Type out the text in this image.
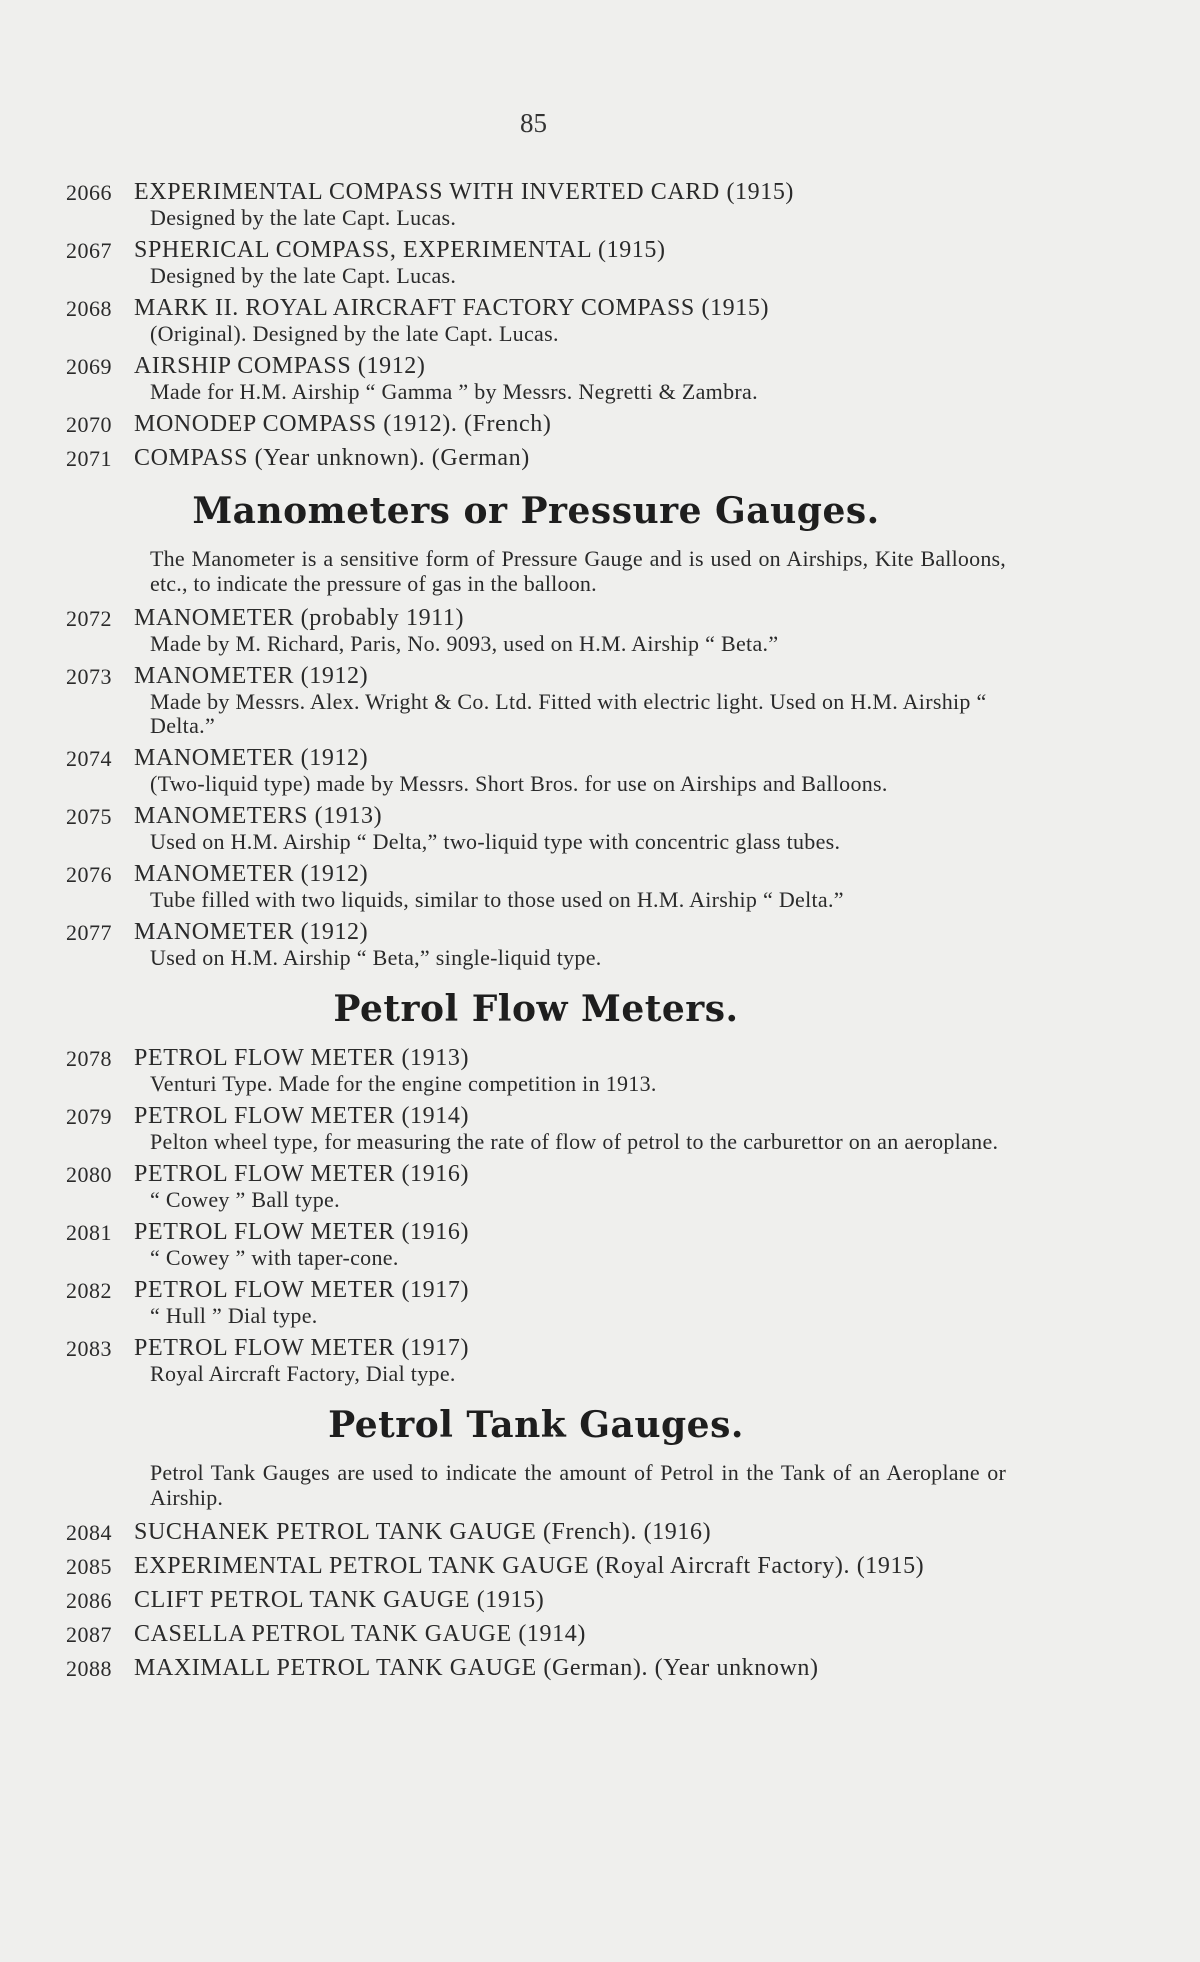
85
2066 EXPERIMENTAL COMPASS WITH INVERTED CARD (1915)
Designed by the late Capt. Lucas.
2067 SPHERICAL COMPASS, EXPERIMENTAL (1915)
Designed by the late Capt. Lucas.
2068 MARK II. ROYAL AIRCRAFT FACTORY COMPASS (1915)
(Original). Designed by the late Capt. Lucas.
2069 AIRSHIP COMPASS (1912)
Made for H.M. Airship “ Gamma ” by Messrs. Negretti & Zambra.
2070 MONODEP COMPASS (1912). (French)
2071 COMPASS (Year unknown). (German)
Manometers or Pressure Gauges.
The Manometer is a sensitive form of Pressure Gauge and is used on Airships, Kite Balloons, etc., to indicate the pressure of gas in the balloon.
2072 MANOMETER (probably 1911)
Made by M. Richard, Paris, No. 9093, used on H.M. Airship “ Beta.”
2073 MANOMETER (1912)
Made by Messrs. Alex. Wright & Co. Ltd. Fitted with electric light. Used on H.M. Airship “ Delta.”
2074 MANOMETER (1912)
(Two-liquid type) made by Messrs. Short Bros. for use on Airships and Balloons.
2075 MANOMETERS (1913)
Used on H.M. Airship “ Delta,” two-liquid type with concentric glass tubes.
2076 MANOMETER (1912)
Tube filled with two liquids, similar to those used on H.M. Airship “ Delta.”
2077 MANOMETER (1912)
Used on H.M. Airship “ Beta,” single-liquid type.
Petrol Flow Meters.
2078 PETROL FLOW METER (1913)
Venturi Type. Made for the engine competition in 1913.
2079 PETROL FLOW METER (1914)
Pelton wheel type, for measuring the rate of flow of petrol to the carburettor on an aeroplane.
2080 PETROL FLOW METER (1916)
“ Cowey ” Ball type.
2081 PETROL FLOW METER (1916)
“ Cowey ” with taper-cone.
2082 PETROL FLOW METER (1917)
“ Hull ” Dial type.
2083 PETROL FLOW METER (1917)
Royal Aircraft Factory, Dial type.
Petrol Tank Gauges.
Petrol Tank Gauges are used to indicate the amount of Petrol in the Tank of an Aeroplane or Airship.
2084 SUCHANEK PETROL TANK GAUGE (French). (1916)
2085 EXPERIMENTAL PETROL TANK GAUGE (Royal Aircraft Factory). (1915)
2086 CLIFT PETROL TANK GAUGE (1915)
2087 CASELLA PETROL TANK GAUGE (1914)
2088 MAXIMALL PETROL TANK GAUGE (German). (Year unknown)
